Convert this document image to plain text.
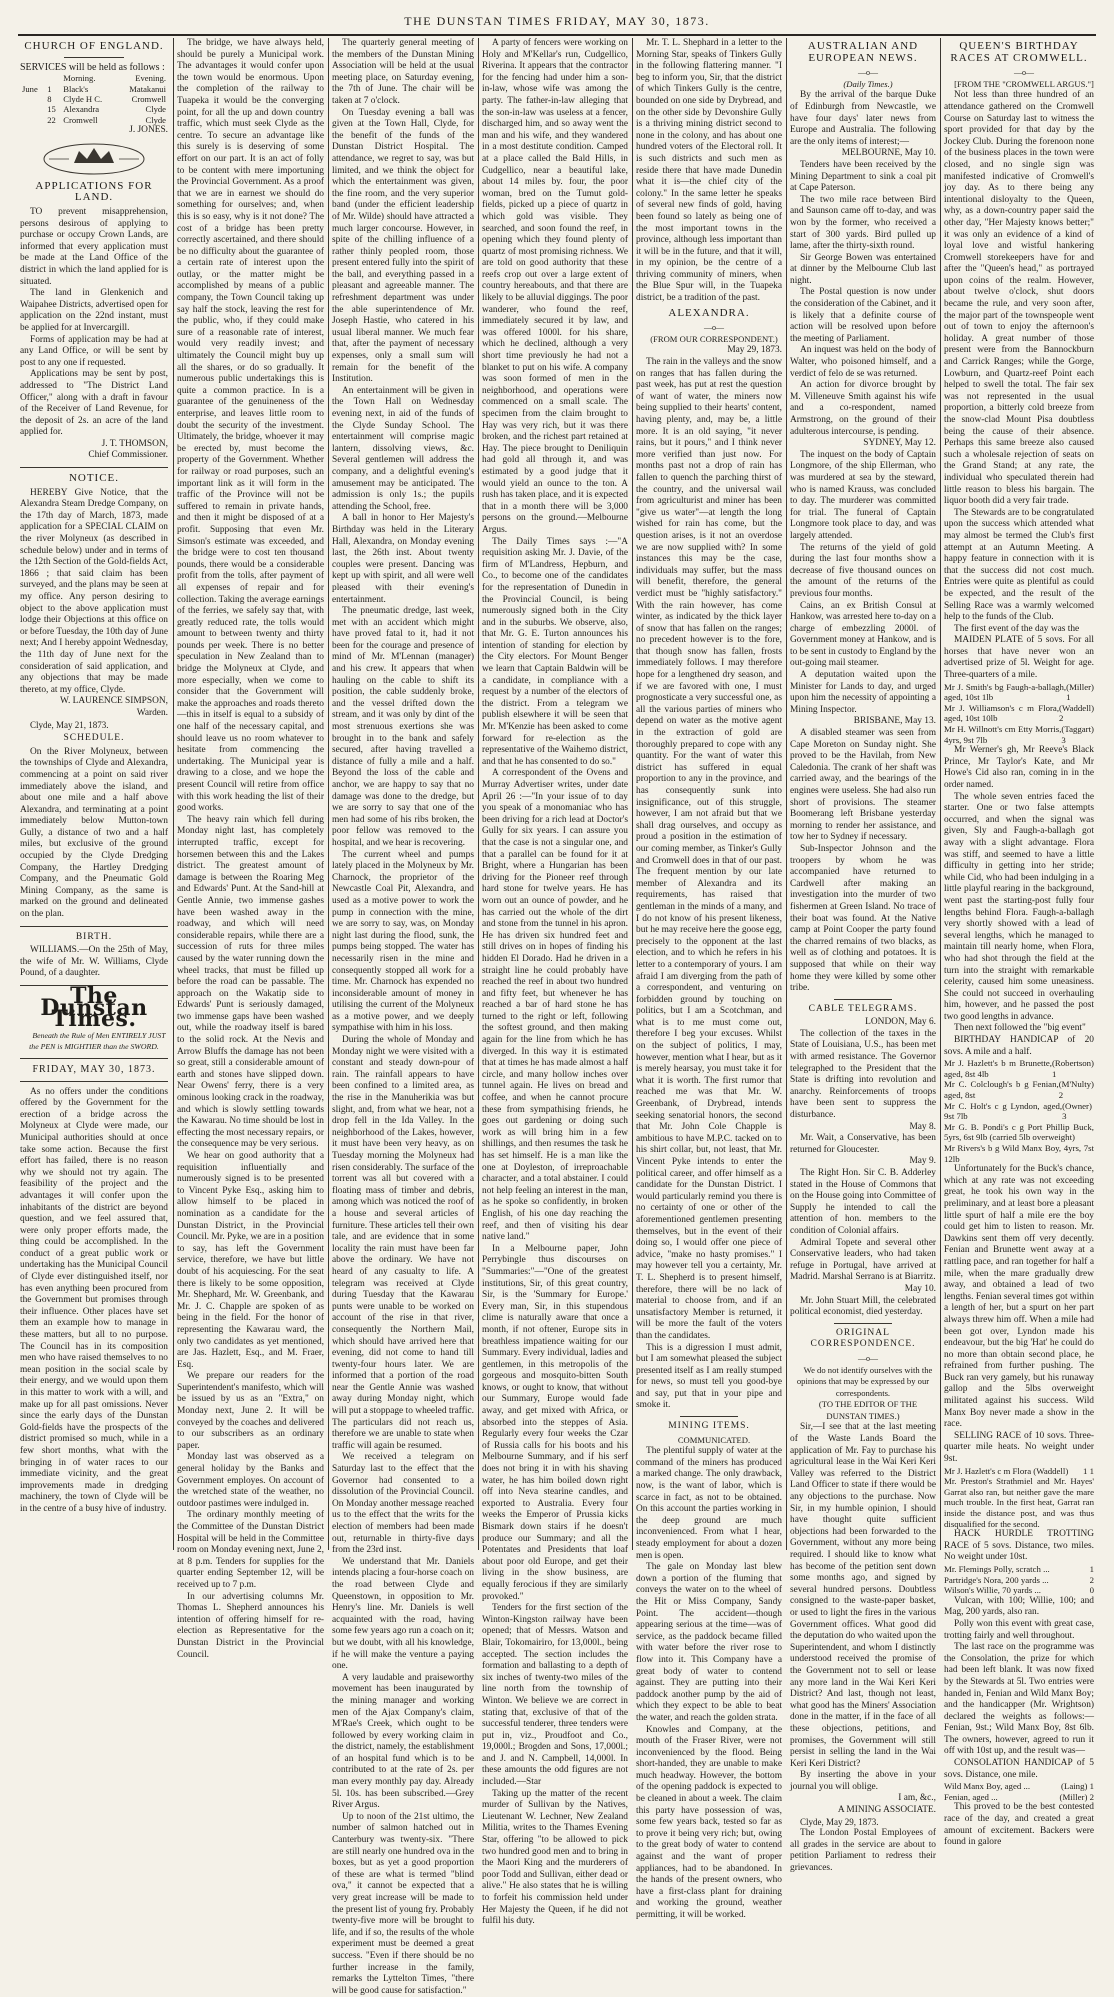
THE DUNSTAN TIMES FRIDAY, MAY 30, 1873.
CHURCH OF ENGLAND.

SERVICES will be held as follows :

		Morning.	Evening.
June	1	Black's	Matakanui
	8	Clyde H C.	Cromwell
	15	Alexandra	Clyde
	22	Cromwell	Clyde

J. JONES.

APPLICATIONS FOR LAND.

TO prevent misapprehension, persons desirous of applying to purchase or occupy Crown Lands, are informed that every application must be made at the Land Office of the district in which the land applied for is situated.

The land in Glenkenich and Waipahee Districts, advertised open for application on the 22nd instant, must be applied for at Invercargill.

Forms of application may be had at any Land Office, or will be sent by post to any one if requested.

Applications may be sent by post, addressed to "The District Land Officer," along with a draft in favour of the Receiver of Land Revenue, for the deposit of 2s. an acre of the land applied for.

J. T. THOMSON,

Chief Commissioner.

NOTICE.

HEREBY Give Notice, that the Alexandra Steam Dredge Company, on the 17th day of March, 1873, made application for a SPECIAL CLAIM on the river Molyneux (as described in schedule below) under and in terms of the 12th Section of the Gold-fields Act, 1866 ; that said claim has been surveyed, and the plans may be seen at my office. Any person desiring to object to the above application must lodge their Objections at this office on or before Tuesday, the 10th day of June next; And I hereby appoint Wednesday, the 11th day of June next for the consideration of said application, and any objections that may be made thereto, at my office, Clyde.

W. LAURENCE SIMPSON,

Warden.

Clyde, May 21, 1873.

SCHEDULE.

On the River Molyneux, between the townships of Clyde and Alexandra, commencing at a point on said river immediately above the island, and about one mile and a half above Alexandra, and terminating at a point immediately below Mutton-town Gully, a distance of two and a half miles, but exclusive of the ground occupied by the Clyde Dredging Company, the Hartley Dredging Company, and the Pneumatic Gold Mining Company, as the same is marked on the ground and delineated on the plan.

BIRTH.

WILLIAMS.—On the 25th of May, the wife of Mr. W. Williams, Clyde Pound, of a daughter.

The Dunstan Times.

Beneath the Rule of Men ENTIRELY JUST the PEN is MIGHTIER than the SWORD.

FRIDAY, MAY 30, 1873.

As no offers under the conditions offered by the Government for the erection of a bridge across the Molyneux at Clyde were made, our Municipal authorities should at once take some action. Because the first effort has failed, there is no reason why we should not try again. The feasibility of the project and the advantages it will confer upon the inhabitants of the district are beyond question, and we feel assured that, were only proper efforts made, the thing could be accomplished. In the conduct of a great public work or undertaking has the Municipal Council of Clyde ever distinguished itself, nor has even anything been procured from the Government but promises through their influence. Other places have set them an example how to manage in these matters, but all to no purpose. The Council has in its composition men who have raised themselves to no mean position in the social scale by their energy, and we would upon them in this matter to work with a will, and make up for all past omissions. Never since the early days of the Dunstan Gold-fields have the prospects of the district promised so much, while in a few short months, what with the bringing in of water races to our immediate vicinity, and the great improvements made in dredging machinery, the town of Clyde will be in the centre of a busy hive of industry.

The bridge, we have always held, should be purely a Municipal work. The advantages it would confer upon the town would be enormous. Upon the completion of the railway to Tuapeka it would be the converging point, for all the up and down country traffic, which must seek Clyde as the centre. To secure an advantage like this surely is is deserving of some effort on our part. It is an act of folly to be content with mere importuning the Provincial Government. As a proof that we are in earnest we should do something for ourselves; and, when this is so easy, why is it not done? The cost of a bridge has been pretty correctly ascertained, and there should be no difficulty about the guarantee of a certain rate of interest upon the outlay, or the matter might be accomplished by means of a public company, the Town Council taking up say half the stock, leaving the rest for the public, who, if they could make sure of a reasonable rate of interest, would very readily invest; and ultimately the Council might buy up all the shares, or do so gradually. It numerous public undertakings this is quite a common practice. In is a guarantee of the genuineness of the enterprise, and leaves little room to doubt the security of the investment. Ultimately, the bridge, whoever it may be erected by, must become the property of the Government. Whether for railway or road purposes, such an important link as it will form in the traffic of the Province will not be suffered to remain in private hands, and then it might be disposed of at a profit. Supposing that even Mr. Simson's estimate was exceeded, and the bridge were to cost ten thousand pounds, there would be a considerable profit from the tolls, after payment of all expenses of repair and for collection. Taking the average earnings of the ferries, we safely say that, with greatly reduced rate, the tolls would amount to between twenty and thirty pounds per week. There is no better speculation in New Zealand than to bridge the Molyneux at Clyde, and more especially, when we come to consider that the Government will make the approaches and roads thereto—this in itself is equal to a subsidy of one half of the necessary capital, and should leave us no room whatever to hesitate from commencing the undertaking. The Municipal year is drawing to a close, and we hope the present Council will retire from office with this work heading the list of their good works.

The heavy rain which fell during Monday night last, has completely interrupted traffic, except for horsemen between this and the Lakes district. The greatest amount of damage is between the Roaring Meg and Edwards' Punt. At the Sand-hill at Gentle Annie, two immense gashes have been washed away in the roadway, and which will need considerable repairs, while there are a succession of ruts for three miles caused by the water running down the wheel tracks, that must be filled up before the road can be passable. The approach on the Wakatip side to Edwards' Punt is seriously damaged, two immense gaps have been washed out, while the roadway itself is bared to the solid rock. At the Nevis and Arrow Bluffs the damage has not been so great, still a considerable amount of earth and stones have slipped down. Near Owens' ferry, there is a very ominous looking crack in the roadway, and which is slowly settling towards the Kawarau. No time should be lost in effecting the most necessary repairs, or the consequence may be very serious.

We hear on good authority that a requisition influentially and numerously signed is to be presented to Vincent Pyke Esq., asking him to allow himself to be placed in nomination as a candidate for the Dunstan District, in the Provincial Council. Mr. Pyke, we are in a position to say, has left the Government service, therefore, we have but little doubt of his acquiescing. For the seat there is likely to be some opposition, Mr. Shephard, Mr. W. Greenbank, and Mr. J. C. Chapple are spoken of as being in the field. For the honor of representing the Kawarau ward, the only two candidates as yet mentioned, are Jas. Hazlett, Esq., and M. Fraer, Esq.

We prepare our readers for the Superintendent's manifesto, which will be issued by us as an "Extra," on Monday next, June 2. It will be conveyed by the coaches and delivered to our subscribers as an ordinary paper.

Monday last was observed as a general holiday by the Banks and Government employes. On account of the wretched state of the weather, no outdoor pastimes were indulged in.

The ordinary monthly meeting of the Committee of the Dunstan District Hospital will be held in the Committee room on Monday evening next, June 2, at 8 p.m. Tenders for supplies for the quarter ending September 12, will be received up to 7 p.m.

In our advertising columns Mr. Thomas L. Shepherd announces his intention of offering himself for re-election as Representative for the Dunstan District in the Provincial Council.

The quarterly general meeting of the members of the Dunstan Mining Association will be held at the usual meeting place, on Saturday evening, the 7th of June. The chair will be taken at 7 o'clock.

On Tuesday evening a ball was given at the Town Hall, Clyde, for the benefit of the funds of the Dunstan District Hospital. The attendance, we regret to say, was but limited, and we think the object for which the entertainment was given, the fine room, and the very superior band (under the efficient leadership of Mr. Wilde) should have attracted a much larger concourse. However, in spite of the chilling influence of a rather thinly peopled room, those present entered fully into the spirit of the ball, and everything passed in a pleasant and agreeable manner. The refreshment department was under the able superintendence of Mr. Joseph Hastie, who catered in his usual liberal manner. We much fear that, after the payment of necessary expenses, only a small sum will remain for the benefit of the Institution.

An entertainment will be given in the Town Hall on Wednesday evening next, in aid of the funds of the Clyde Sunday School. The entertainment will comprise magic lantern, dissolving views, &c. Several gentlemen will address the company, and a delightful evening's amusement may be anticipated. The admission is only 1s.; the pupils attending the School, free.

A ball in honor to Her Majesty's Birthday was held in the Literary Hall, Alexandra, on Monday evening last, the 26th inst. About twenty couples were present. Dancing was kept up with spirit, and all were well pleased with their evening's entertainment.

The pneumatic dredge, last week, met with an accident which might have proved fatal to it, had it not been for the courage and presence of mind of Mr. M'Lennan (manager) and his crew. It appears that when hauling on the cable to shift its position, the cable suddenly broke, and the vessel drifted down the stream, and it was only by dint of the most strenuous exertions she was brought in to the bank and safely secured, after having travelled a distance of fully a mile and a half. Beyond the loss of the cable and anchor, we are happy to say that no damage was done to the dredge, but we are sorry to say that one of the men had some of his ribs broken, the poor fellow was removed to the hospital, and we hear is recovering.

The current wheel and pumps lately placed in the Molyneux by Mr. Charnock, the proprietor of the Newcastle Coal Pit, Alexandra, and used as a motive power to work the pump in connection with the mine, we are sorry to say, was, on Monday night last during the flood, sunk, the pumps being stopped. The water has necessarily risen in the mine and consequently stopped all work for a time. Mr. Charnock has expended no inconsiderable amount of money in utilising the current of the Molyneux as a motive power, and we deeply sympathise with him in his loss.

During the whole of Monday and Monday night we were visited with a constant and steady down-pour of rain. The rainfall appears to have been confined to a limited area, as the rise in the Manuherikia was but slight, and, from what we hear, not a drop fell in the Ida Valley. In the neighborhood of the Lakes, however, it must have been very heavy, as on Tuesday morning the Molyneux had risen considerably. The surface of the torrent was all but covered with a floating mass of timber and debris, among which was noticed the roof of a house and several articles of furniture. These articles tell their own tale, and are evidence that in some locality the rain must have been far above the ordinary. We have not heard of any casualty to life. A telegram was received at Clyde during Tuesday that the Kawarau punts were unable to be worked on account of the rise in that river, consequently the Northern Mail, which should have arrived here that evening, did not come to hand till twenty-four hours later. We are informed that a portion of the road near the Gentle Annie was washed away during Monday night, which will put a stoppage to wheeled traffic. The particulars did not reach us, therefore we are unable to state when traffic will again be resumed.

We received a telegram on Saturday last to the effect that the Governor had consented to a dissolution of the Provincial Council. On Monday another message reached us to the effect that the writs for the election of members had been made out, returnable in thirty-five days from the 23rd inst.

We understand that Mr. Daniels intends placing a four-horse coach on the road between Clyde and Queenstown, in opposition to Mr. Henry's line. Mr. Daniels is well acquainted with the road, having some few years ago run a coach on it; but we doubt, with all his knowledge, if he will make the venture a paying one.

A very laudable and praiseworthy movement has been inaugurated by the mining manager and working men of the Ajax Company's claim, M'Rae's Creek, which ought to be followed by every working claim in the district, namely, the establishment of an hospital fund which is to be contributed to at the rate of 2s. per man every monthly pay day. Already 5l. 10s. has been subscribed.—Grey River Argus.

Up to noon of the 21st ultimo, the number of salmon hatched out in Canterbury was twenty-six. "There are still nearly one hundred ova in the boxes, but as yet a good proportion of these are what is termed "blind ova," it cannot be expected that a very great increase will be made to the present list of young fry. Probably twenty-five more will be brought to life, and if so, the results of the whole experiment must be deemed a great success. "Even if there should be no further increase in the family, remarks the Lyttelton Times, "there will be good cause for satisfaction."

A party of fencers were working on Holy and M'Kellar's run, Cudgellico, Riverina. It appears that the contractor for the fencing had under him a son-in-law, whose wife was among the party. The father-in-law alleging that the son-in-law was useless at a fencer, discharged him, and so away went the man and his wife, and they wandered in a most destitute condition. Camped at a place called the Bald Hills, in Cudgellico, near a beautiful lake, about 14 miles by. four, the poor woman, bred on the Tumut gold-fields, picked up a piece of quartz in which gold was visible. They searched, and soon found the reef, in opening which they found plenty of quartz of most promising richness. We are told on good authority that these reefs crop out over a large extent of country hereabouts, and that there are likely to be alluvial diggings. The poor wanderer, who found the reef, immediately secured it by law, and was offered 1000l. for his share, which he declined, although a very short time previously he had not a blanket to put on his wife. A company was soon formed of men in the neighborhood, and operations were commenced on a small scale. The specimen from the claim brought to Hay was very rich, but it was there broken, and the richest part retained at Hay. The piece brought to Deniliquin had gold all through it, and was estimated by a good judge that it would yield an ounce to the ton. A rush has taken place, and it is expected that in a month there will be 3,000 persons on the ground.—Melbourne Argus.

The Daily Times says :—"A requisition asking Mr. J. Davie, of the firm of M'Landress, Hepburn, and Co., to become one of the candidates for the representation of Dunedin in the Provincial Council, is being numerously signed both in the City and in the suburbs. We observe, also, that Mr. G. E. Turton announces his intention of standing for election by the City electors. For Mount Benger we learn that Captain Baldwin will be a candidate, in compliance with a request by a number of the electors of the district. From a telegram we publish elsewhere it will be seen that Mr. M'Kenzie has been asked to come forward for re-election as the representative of the Waihemo district, and that he has consented to do so."

A correspondent of the Ovens and Murray Advertiser writes, under date April 26 :—"In your issue of to day you speak of a monomaniac who has been driving for a rich lead at Doctor's Gully for six years. I can assure you that the case is not a singular one, and that a parallel can be found for it at Bright, where a Hungarian has been driving for the Pioneer reef through hard stone for twelve years. He has worn out an ounce of powder, and he has carried out the whole of the dirt and stone from the tunnel in his apron. He has driven six hundred feet and still drives on in hopes of finding his hidden El Dorado. Had he driven in a straight line he could probably have reached the reef in about two hundred and fifty feet, but whenever he has reached a bar of hard stone he has turned to the right or left, following the softest ground, and then making again for the line from which he has diverged. In this way it is estimated that at times he has made almost a half circle, and many hollow inches over tunnel again. He lives on bread and coffee, and when he cannot procure these from sympathising friends, he goes out gardening or doing such work as will bring him in a few shillings, and then resumes the task he has set himself. He is a man like the one at Doyleston, of irreproachable character, and a total abstainer. I could not help feeling an interest in the man, as he spoke so confidently, in broken English, of his one day reaching the reef, and then of visiting his dear native land."

In a Melbourne paper, John Perrybingle thus discourses on "Summaries:"—"One of the greatest institutions, Sir, of this great country, Sir, is the 'Summary for Europe.' Every man, Sir, in this stupendous clime is naturally aware that once a month, if not oftener, Europe sits in breathless impatience waiting for our Summary. Every individual, ladies and gentlemen, in this metropolis of the gorgeous and mosquito-bitten South knows, or ought to know, that without our Summary, Europe would fade away, and get mixed with Africa, or absorbed into the steppes of Asia. Regularly every four weeks the Czar of Russia calls for his boots and his Melbourne Summary, and if his serf does not bring it in with his shaving water, he has him boiled down right off into Neva stearine candles, and exported to Australia. Every four weeks the Emperor of Prussia kicks Bismark down stairs if he doesn't produce our Summary; and all the Potentates and Presidents that loaf about poor old Europe, and get their living in the show business, are equally ferocious if they are similarly provoked."

Tenders for the first section of the Winton-Kingston railway have been opened; that of Messrs. Watson and Blair, Tokomairiro, for 13,000l., being accepted. The section includes the formation and ballasting to a depth of six inches of twenty-two miles of the line north from the township of Winton. We believe we are correct in stating that, exclusive of that of the successful tenderer, three tenders were put in, viz., Proudfoot and Co., 19,000l.; Brogden and Sons, 17,000l.; and J. and N. Campbell, 14,000l. In these amounts the odd figures are not included.—Star

Taking up the matter of the recent murder of Sullivan by the Natives, Lieutenant W. Lechner, New Zealand Militia, writes to the Thames Evening Star, offering "to be allowed to pick two hundred good men and to bring in the Maori King and the murderers of poor Todd and Sullivan, either dead or alive." He also states that he is willing to forfeit his commission held under Her Majesty the Queen, if he did not fulfil his duty.

Mr. T. L. Shephard in a letter to the Morning Star, speaks of Tinkers Gully in the following flattering manner. "I beg to inform you, Sir, that the district of which Tinkers Gully is the centre, bounded on one side by Drybread, and on the other side by Devonshire Gully is a thriving mining district second to none in the colony, and has about one hundred voters of the Electoral roll. It is such districts and such men as reside there that have made Dunedin what it is—the chief city of the colony." In the same letter he speaks of several new finds of gold, having been found so lately as being one of the most important towns in the province, although less important than it will be in the future, and that it will, in my opinion, be the centre of a thriving community of miners, when the Blue Spur will, in the Tuapeka district, be a tradition of the past.

ALEXANDRA.

—o—

(FROM OUR CORRESPONDENT.)

May 29, 1873.

The rain in the valleys and the snow on ranges that has fallen during the past week, has put at rest the question of want of water, the miners now being supplied to their hearts' content, having plenty, and, may be, a little more. It is an old saying, "it never rains, but it pours," and I think never more verified than just now. For months past not a drop of rain has fallen to quench the parching thirst of the country, and the universal wail from agriculturist and miner has been "give us water"—at length the long wished for rain has come, but the question arises, is it not an overdose we are now supplied with? In some instances this may be the case, individuals may suffer, but the mass will benefit, therefore, the general verdict must be "highly satisfactory." With the rain however, has come winter, as indicated by the thick layer of snow that has fallen on the ranges; no precedent however is to the fore, that though snow has fallen, frosts immediately follows. I may therefore hope for a lengthened dry season, and if we are favored with one, I must prognosticate a very successful one, as all the various parties of miners who depend on water as the motive agent in the extraction of gold are thoroughly prepared to cope with any quantity. For the want of water this district has suffered in equal proportion to any in the province, and has consequently sunk into insignificance, out of this struggle, however, I am not afraid but that we shall drag ourselves, and occupy as proud a position in the estimation of our coming member, as Tinker's Gully and Cromwell does in that of our past. The frequent mention by our late member of Alexandra and its requirements, has raised that gentleman in the minds of a many, and I do not know of his present likeness, but he may receive here the goose egg, precisely to the opponent at the last election, and to which he refers in his letter to a contemporary of yours. I am afraid I am diverging from the path of a correspondent, and venturing on forbidden ground by touching on politics, but I am a Scotchman, and what is to me must come out, therefore I beg your excuses. Whilst on the subject of politics, I may, however, mention what I hear, but as it is merely hearsay, you must take it for what it is worth. The first rumor that reached me was that Mr. W. Greenbank, of Drybread, intends seeking senatorial honors, the second that Mr. John Cole Chapple is ambitious to have M.P.C. tacked on to his shirt collar, but, not least, that Mr. Vincent Pyke intends to enter the political career, and offer himself as a candidate for the Dunstan District. I would particularly remind you there is no certainty of one or other of the aforementioned gentlemen presenting themselves, but in the event of their doing so, I would offer one piece of advice, "make no hasty promises." I may however tell you a certainty, Mr. T. L. Shepherd is to present himself, therefore, there will be no lack of material to choose from, and if an unsatisfactory Member is returned, it will be more the fault of the voters than the candidates.

This is a digression I must admit, but I am somewhat pleased the subject presented itself as I am really stumped for news, so must tell you good-bye and say, put that in your pipe and smoke it.

MINING ITEMS.

COMMUNICATED.

The plentiful supply of water at the command of the miners has produced a marked change. The only drawback, now, is the want of labor, which is scarce in fact, as not to be obtained. On this account the parties working in the deep ground are much inconvenienced. From what I hear, steady employment for about a dozen men is open.

The gale on Monday last blew down a portion of the fluming that conveys the water on to the wheel of the Hit or Miss Company, Sandy Point. The accident—though appearing serious at the time—was of service, as the paddock became filled with water before the river rose to flow into it. This Company have a great body of water to contend against. They are putting into their paddock another pump by the aid of which they expect to be able to beat the water, and reach the golden strata.

Knowles and Company, at the mouth of the Fraser River, were not inconvenienced by the flood. Being short-handed, they are unable to make much headway. However, the bottom of the opening paddock is expected to be cleaned in about a week. The claim this party have possession of was, some few years back, tested so far as to prove it being very rich; but, owing to the great body of water to contend against and the want of proper appliances, had to be abandoned. In the hands of the present owners, who have a first-class plant for draining and working the ground, weather permitting, it will be worked.

AUSTRALIAN AND EUROPEAN NEWS.

—o—

(Daily Times.)

By the arrival of the barque Duke of Edinburgh from Newcastle, we have four days' later news from Europe and Australia. The following are the only items of interest;—

MELBOURNE, May 10.

Tenders have been received by the Mining Department to sink a coal pit at Cape Paterson.

The two mile race between Bird and Saunson came off to-day, and was won by the former, who received a start of 300 yards. Bird pulled up lame, after the thirty-sixth round.

Sir George Bowen was entertained at dinner by the Melbourne Club last night.

The Postal question is now under the consideration of the Cabinet, and it is likely that a definite course of action will be resolved upon before the meeting of Parliament.

An inquest was held on the body of Walter, who poisoned himself, and a verdict of felo de se was returned.

An action for divorce brought by M. Villeneuve Smith against his wife and a co-respondent, named Armstrong, on the ground of their adulterous intercourse, is pending.

SYDNEY, May 12.

The inquest on the body of Captain Longmore, of the ship Ellerman, who was murdered at sea by the steward, who is named Krauss, was concluded to day. The murderer was committed for trial. The funeral of Captain Longmore took place to day, and was largely attended.

The returns of the yield of gold during the last four months show a decrease of five thousand ounces on the amount of the returns of the previous four months.

Cains, an ex British Consul at Hankow, was arrested here to-day on a charge of embezzling 2000l. of Government money at Hankow, and is to be sent in custody to England by the out-going mail steamer.

A deputation waited upon the Minister for Lands to day, and urged upon him the necessity of appointing a Mining Inspector.

BRISBANE, May 13.

A disabled steamer was seen from Cape Moreton on Sunday night. She proved to be the Havilah, from New Caledonia. The crank of her shaft was carried away, and the bearings of the engines were useless. She had also run short of provisions. The steamer Boomerang left Brisbane yesterday morning to render her assistance, and tow her to Sydney if necessary.

Sub-Inspector Johnson and the troopers by whom he was accompanied have returned to Cardwell after making an investigation into the murder of two fishermen at Green Island. No trace of their boat was found. At the Native camp at Point Cooper the party found the charred remains of two blacks, as well as of clothing and potatoes. It is supposed that while on their way home they were killed by some other tribe.

CABLE TELEGRAMS.

LONDON, May 6.

The collection of the taxes in the State of Louisiana, U.S., has been met with armed resistance. The Governor telegraphed to the President that the State is drifting into revolution and anarchy. Reinforcements of troops have been sent to suppress the disturbance.

May 8.

Mr. Wait, a Conservative, has been returned for Gloucester.

May 9.

The Right Hon. Sir C. B. Adderley stated in the House of Commons that on the House going into Committee of Supply he intended to call the attention of hon. members to the condition of Colonial affairs.

Admiral Topete and several other Conservative leaders, who had taken refuge in Portugal, have arrived at Madrid. Marshal Serrano is at Biarritz.

May 10.

Mr. John Stuart Mill, the celebrated political economist, died yesterday.

ORIGINAL CORRESPONDENCE.

—o—

We do not identify ourselves with the opinions that may be expressed by our correspondents.

(TO THE EDITOR OF THE DUNSTAN TIMES.)

Sir,—I see that at the last meeting of the Waste Lands Board the application of Mr. Fay to purchase his agricultural lease in the Wai Keri Keri Valley was referred to the District Land Officer to state if there would be any objections to the purchase. Now Sir, in my humble opinion, I should have thought quite sufficient objections had been forwarded to the Government, without any more being required. I should like to know what has become of the petition sent down some months ago, and signed by several hundred persons. Doubtless consigned to the waste-paper basket, or used to light the fires in the various Government offices. What good did the deputation do who waited upon the Superintendent, and whom I distinctly understood received the promise of the Government not to sell or lease any more land in the Wai Keri Keri District? And last, though not least, what good has the Miners' Association done in the matter, if in the face of all these objections, petitions, and promises, the Government will still persist in selling the land in the Wai Keri Keri District?

By inserting the above in your journal you will oblige.

I am, &c.,

A MINING ASSOCIATE.

Clyde, May 29, 1873.

The London Postal Employees of all grades in the service are about to petition Parliament to redress their grievances.

QUEEN'S BIRTHDAY RACES AT CROMWELL.

—o—

[FROM THE "CROMWELL ARGUS."]

Not less than three hundred of an attendance gathered on the Cromwell Course on Saturday last to witness the sport provided for that day by the Jockey Club. During the forenoon none of the business places in the town were closed, and no single sign was manifested indicative of Cromwell's joy day. As to there being any intentional disloyalty to the Queen, why, as a down-country paper said the other day, "Her Majesty knows better;" it was only an evidence of a kind of loyal love and wistful hankering Cromwell storekeepers have for and after the "Queen's head," as portrayed upon coins of the realm. However, about twelve o'clock, shut doors became the rule, and very soon after, the major part of the townspeople went out of town to enjoy the afternoon's holiday. A great number of those present were from the Bannockburn and Carrick Ranges; while the Gorge, Lowburn, and Quartz-reef Point each helped to swell the total. The fair sex was not represented in the usual proportion, a bitterly cold breeze from the snow-clad Mount Pisa doubtless being the cause of their absence. Perhaps this same breeze also caused such a wholesale rejection of seats on the Grand Stand; at any rate, the individual who speculated therein had little reason to bless his bargain. The liquor booth did a very fair trade.

The Stewards are to be congratulated upon the success which attended what may almost be termed the Club's first attempt at an Autumn Meeting. A happy feature in connection with it is that the success did not cost much. Entries were quite as plentiful as could be expected, and the result of the Selling Race was a warmly welcomed help to the funds of the Club.

The first event of the day was the

MAIDEN PLATE of 5 sovs. For all horses that have never won an advertised prize of 5l. Weight for age. Three-quarters of a mile.

Mr J. Smith's bg Faugh-a-ballagh, aged, 10st 1lb
(Miller) 1
Mr J. Williamson's c m Flora, aged, 10st 10lb
(Waddell) 2
Mr H. Willnott's cm Etty Morris, 4yrs, 9st 7lb
(Taggart) 3

Mr Werner's gh, Mr Reeve's Black Prince, Mr Taylor's Kate, and Mr Howe's Cid also ran, coming in in the order named.

The whole seven entries faced the starter. One or two false attempts occurred, and when the signal was given, Sly and Faugh-a-ballagh got away with a slight advantage. Flora was stiff, and seemed to have a little difficulty in getting into her stride; while Cid, who had been indulging in a little playful rearing in the background, went past the starting-post fully four lengths behind Flora. Faugh-a-ballagh very shortly showed with a lead of several lengths, which he managed to maintain till nearly home, when Flora, who had shot through the field at the turn into the straight with remarkable celerity, caused him some uneasiness. She could not succeed in overhauling him, however, and he passed the post two good lengths in advance.

Then next followed the "big event"

BIRTHDAY HANDICAP of 20 sovs. A mile and a half.

Mr J. Hazlett's b m Brunette, aged, 8st 4lb
(Robertson) 1
Mr C. Colclough's b g Fenian, aged, 8st
(M'Nulty) 2
Mr C. Holt's c g Lyndon, aged, 9st 7lb
(Owner) 3
Mr G. B. Pondi's c g Port Phillip Buck, 5yrs, 6st 9lb (carried 5lb overweight)
Mr Rivers's b g Wild Manx Boy, 4yrs, 7st 12lb

Unfortunately for the Buck's chance, which at any rate was not exceeding great, he took his own way in the preliminary, and at least bore a pleasant little spurt of half a mile ere the boy could get him to listen to reason. Mr. Dawkins sent them off very decently. Fenian and Brunette went away at a rattling pace, and ran together for half a mile, when the mare gradually drew away, and obtained a lead of two lengths. Fenian several times got within a length of her, but a spurt on her part always threw him off. When a mile had been got over, Lyndon made his endeavour, but the big 'Hat' he could do no more than obtain second place, he refrained from further pushing. The Buck ran very gamely, but his runaway gallop and the 5lbs overweight militated against his success. Wild Manx Boy never made a show in the race.

SELLING RACE of 10 sovs. Three-quarter mile heats. No weight under 9st.

Mr J. Hazlett's c m Flora (Waddell) 1 1

Mr. Preston's Strathmiel and Mr. Hayes' Garrat also ran, but neither gave the mare much trouble. In the first heat, Garrat ran inside the distance post, and was thus disqualified for the second.

HACK HURDLE TROTTING RACE of 5 sovs. Distance, two miles. No weight under 10st.

Mr. Flemings Polly, scratch ...	1
Partridge's Nora, 200 yards ...	2
Wilson's Willie, 70 yards ...	0

Vulcan, with 100; Willie, 100; and Mag, 200 yards, also ran.

Polly won this event with great case, trotting fairly and well throughout.

The last race on the programme was the Consolation, the prize for which had been left blank. It was now fixed by the Stewards at 5l. Two entries were handed in, Fenian and Wild Manx Boy; and the handicapper (Mr. Wrightson) declared the weights as follows:—Fenian, 9st.; Wild Manx Boy, 8st 6lb. The owners, however, agreed to run it off with 10st up, and the result was—

CONSOLATION HANDICAP of 5 sovs. Distance, one mile.

Wild Manx Boy, aged ...	(Laing) 1
Fenian, aged ...	(Miller) 2

This proved to be the best contested race of the day, and created a great amount of excitement. Backers were found in galore
